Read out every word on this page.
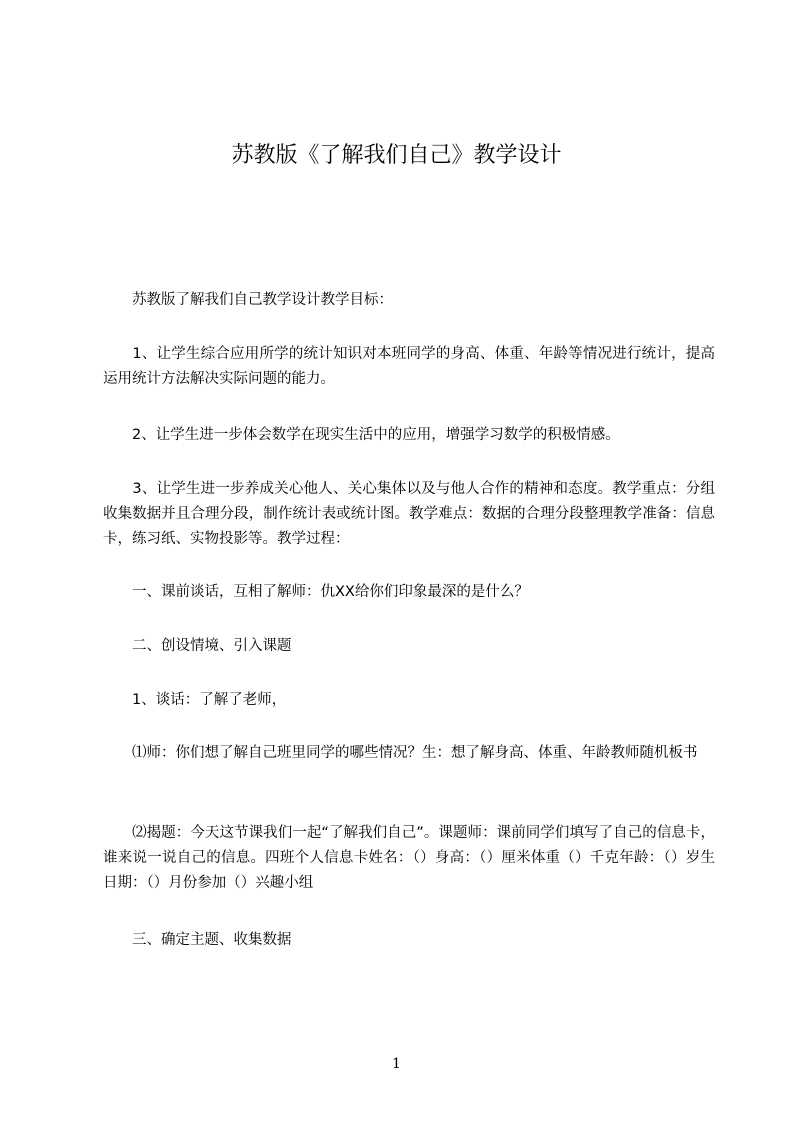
苏教版《了解我们自己》教学设计

　　苏教版了解我们自己教学设计教学目标：

　　1、让学生综合应用所学的统计知识对本班同学的身高、体重、年龄等情况进行统计，提高运用统计方法解决实际问题的能力。

　　2、让学生进一步体会数学在现实生活中的应用，增强学习数学的积极情感。

　　3、让学生进一步养成关心他人、关心集体以及与他人合作的精神和态度。教学重点：分组收集数据并且合理分段，制作统计表或统计图。教学难点：数据的合理分段整理教学准备：信息卡，练习纸、实物投影等。教学过程：

　　一、课前谈话，互相了解师：仇XX给你们印象最深的是什么？

　　二、创设情境、引入课题

　　1、谈话：了解了老师，

　　⑴师：你们想了解自己班里同学的哪些情况？生：想了解身高、体重、年龄教师随机板书

　　⑵揭题：今天这节课我们一起“了解我们自己”。课题师：课前同学们填写了自己的信息卡，谁来说一说自己的信息。四班个人信息卡姓名：（）身高：（）厘米体重（）千克年龄：（）岁生日期：（）月份参加（）兴趣小组

　　三、确定主题、收集数据

1
